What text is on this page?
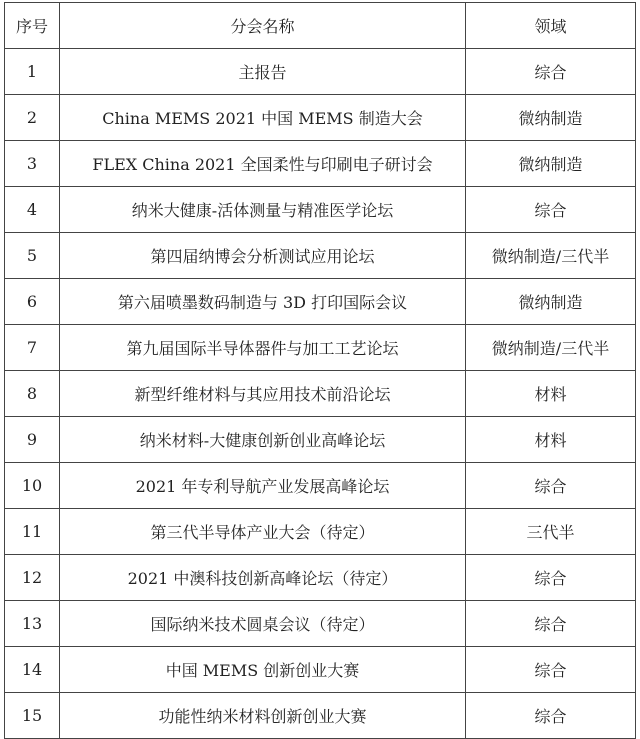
序号	分会名称	领域
1	主报告	综合
2	China MEMS 2021 中国 MEMS 制造大会	微纳制造
3	FLEX China 2021 全国柔性与印刷电子研讨会	微纳制造
4	纳米大健康-活体测量与精准医学论坛	综合
5	第四届纳博会分析测试应用论坛	微纳制造/三代半
6	第六届喷墨数码制造与 3D 打印国际会议	微纳制造
7	第九届国际半导体器件与加工工艺论坛	微纳制造/三代半
8	新型纤维材料与其应用技术前沿论坛	材料
9	纳米材料-大健康创新创业高峰论坛	材料
10	2021 年专利导航产业发展高峰论坛	综合
11	第三代半导体产业大会（待定）	三代半
12	2021 中澳科技创新高峰论坛（待定）	综合
13	国际纳米技术圆桌会议（待定）	综合
14	中国 MEMS 创新创业大赛	综合
15	功能性纳米材料创新创业大赛	综合
